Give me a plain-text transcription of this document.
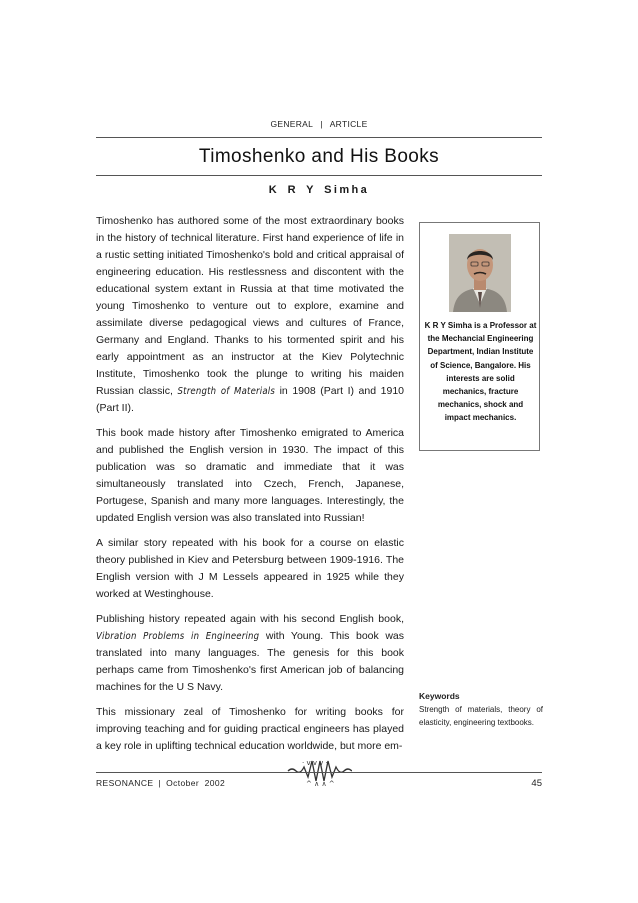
GENERAL | ARTICLE
Timoshenko and His Books
K R Y Simha

Timoshenko has authored some of the most extraordinary books in the history of technical literature. First hand experience of life in a rustic setting initiated Timoshenko's bold and critical appraisal of engineering education. His restlessness and discontent with the educational system extant in Russia at that time motivated the young Timoshenko to venture out to explore, examine and assimilate diverse pedagogical views and cultures of France, Germany and England. Thanks to his tormented spirit and his early appointment as an instructor at the Kiev Polytechnic Institute, Timoshenko took the plunge to writing his maiden Russian classic, Strength of Materials in 1908 (Part I) and 1910 (Part II).

This book made history after Timoshenko emigrated to America and published the English version in 1930. The impact of this publication was so dramatic and immediate that it was simultaneously translated into Czech, French, Japanese, Portugese, Spanish and many more languages. Interestingly, the updated English version was also translated into Russian!

A similar story repeated with his book for a course on elastic theory published in Kiev and Petersburg between 1909-1916. The English version with J M Lessels appeared in 1925 while they worked at Westinghouse.

Publishing history repeated again with his second English book, Vibration Problems in Engineering with Young. This book was translated into many languages. The genesis for this book perhaps came from Timoshenko's first American job of balancing machines for the U S Navy.

This missionary zeal of Timoshenko for writing books for improving teaching and for guiding practical engineers has played a key role in uplifting technical education worldwide, but more em-

K R Y Simha is a Professor at the Mechancial Engineering Department, Indian Institute of Science, Bangalore. His interests are solid mechanics, fracture mechanics, shock and impact mechanics.
Keywords
Strength of materials, theory of elasticity, engineering textbooks.
· v v v ·
^ ∧ ∧ ^
RESONANCE | October  2002	45
